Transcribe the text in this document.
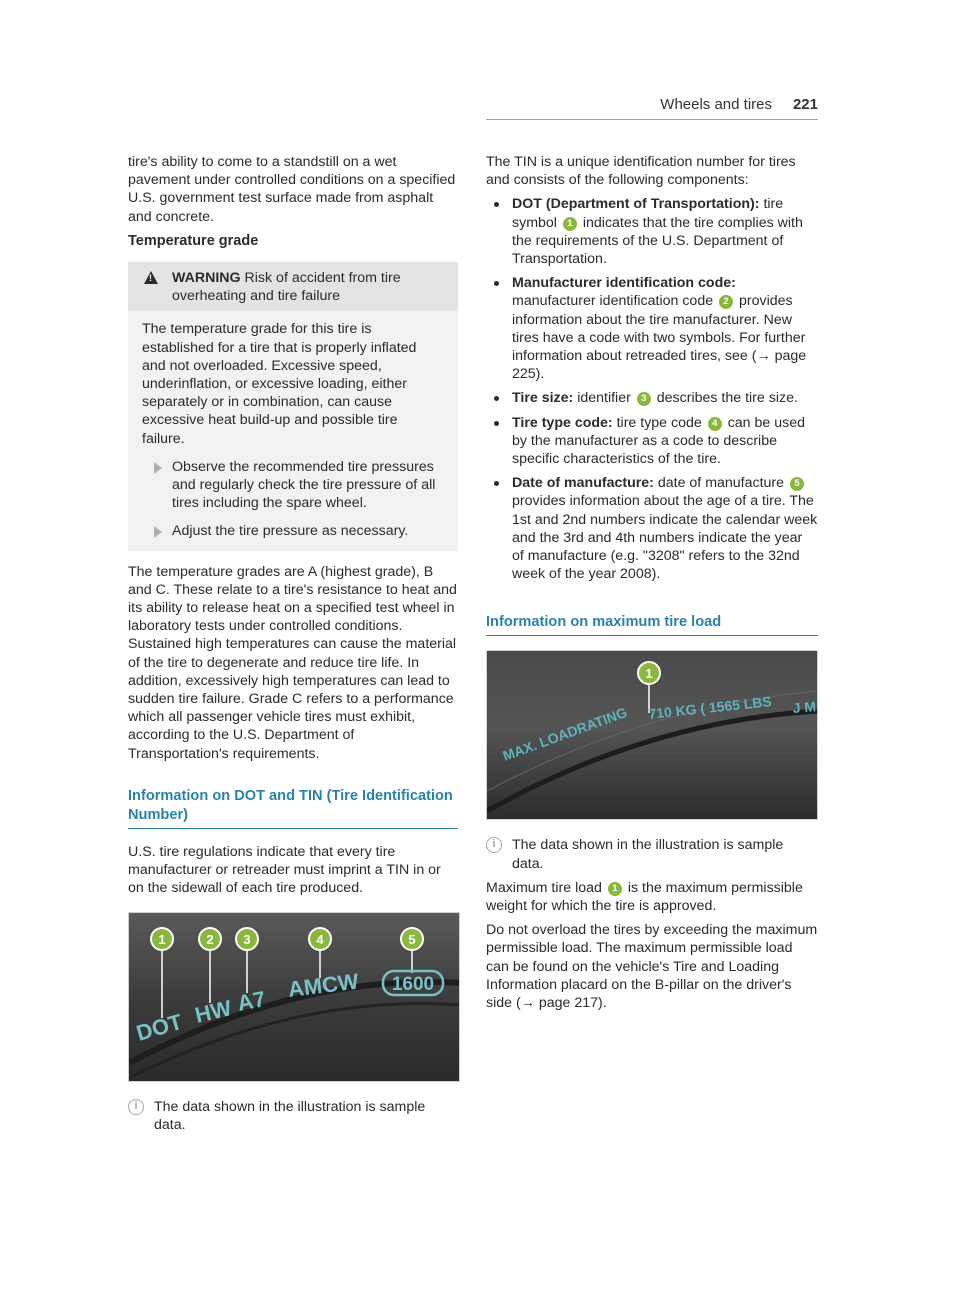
Wheels and tires 221

tire's ability to come to a standstill on a wet pavement under controlled conditions on a specified U.S. government test surface made from asphalt and concrete.

Temperature grade
! WARNING Risk of accident from tire overheating and tire failure
The temperature grade for this tire is established for a tire that is properly inflated and not overloaded. Excessive speed, underinflation, or excessive loading, either separately or in combination, can cause excessive heat build-up and possible tire failure.
Observe the recommended tire pressures and regularly check the tire pressure of all tires including the spare wheel.
Adjust the tire pressure as necessary.

The temperature grades are A (highest grade), B and C. These relate to a tire's resistance to heat and its ability to release heat on a specified test wheel in laboratory tests under controlled conditions. Sustained high temperatures can cause the material of the tire to degenerate and reduce tire life. In addition, excessively high temperatures can lead to sudden tire failure. Grade C refers to a performance which all passenger vehicle tires must exhibit, according to the U.S. Department of Transportation's requirements.

Information on DOT and TIN (Tire Identification Number)

U.S. tire regulations indicate that every tire manufacturer or retreader must imprint a TIN in or on the sidewall of each tire produced.

1	2 3	4	5
DOT HW A7 AMCW 1600
i	The data shown in the illustration is sample data.

The TIN is a unique identification number for tires and consists of the following components:

DOT (Department of Transportation): tire symbol 1 indicates that the tire complies with the requirements of the U.S. Department of Transportation.
Manufacturer identification code: manufacturer identification code 2 provides information about the tire manufacturer. New tires have a code with two symbols. For further information about retreaded tires, see (→ page 225).
Tire size: identifier 3 describes the tire size.
Tire type code: tire type code 4 can be used by the manufacturer as a code to describe specific characteristics of the tire.
Date of manufacture: date of manufacture 5 provides information about the age of a tire. The 1st and 2nd numbers indicate the calendar week and the 3rd and 4th numbers indicate the year of manufacture (e.g. "3208" refers to the 32nd week of the year 2008).
Information on maximum tire load
1
MAX. LOADRATING 710 KG ( 1565 LBS J M
i	The data shown in the illustration is sample data.

Maximum tire load 1 is the maximum permissible weight for which the tire is approved.

Do not overload the tires by exceeding the maximum permissible load. The maximum permissible load can be found on the vehicle's Tire and Loading Information placard on the B-pillar on the driver's side (→ page 217).
